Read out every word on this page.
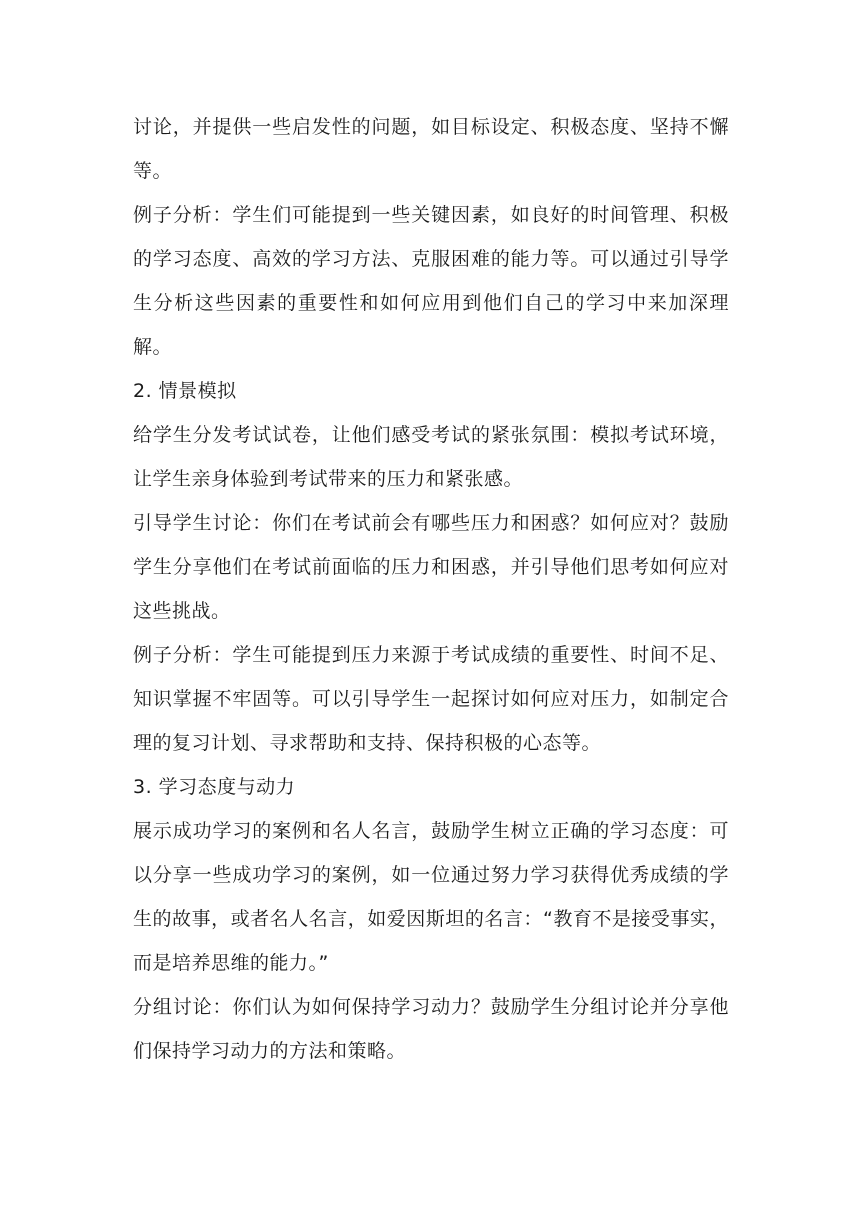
讨论，并提供一些启发性的问题，如目标设定、积极态度、坚持不懈等。

例子分析：学生们可能提到一些关键因素，如良好的时间管理、积极的学习态度、高效的学习方法、克服困难的能力等。可以通过引导学生分析这些因素的重要性和如何应用到他们自己的学习中来加深理解。

2. 情景模拟

给学生分发考试试卷，让他们感受考试的紧张氛围：模拟考试环境，让学生亲身体验到考试带来的压力和紧张感。

引导学生讨论：你们在考试前会有哪些压力和困惑？如何应对？鼓励学生分享他们在考试前面临的压力和困惑，并引导他们思考如何应对这些挑战。

例子分析：学生可能提到压力来源于考试成绩的重要性、时间不足、知识掌握不牢固等。可以引导学生一起探讨如何应对压力，如制定合理的复习计划、寻求帮助和支持、保持积极的心态等。

3. 学习态度与动力

展示成功学习的案例和名人名言，鼓励学生树立正确的学习态度：可以分享一些成功学习的案例，如一位通过努力学习获得优秀成绩的学生的故事，或者名人名言，如爱因斯坦的名言：“教育不是接受事实，而是培养思维的能力。”

分组讨论：你们认为如何保持学习动力？鼓励学生分组讨论并分享他们保持学习动力的方法和策略。
